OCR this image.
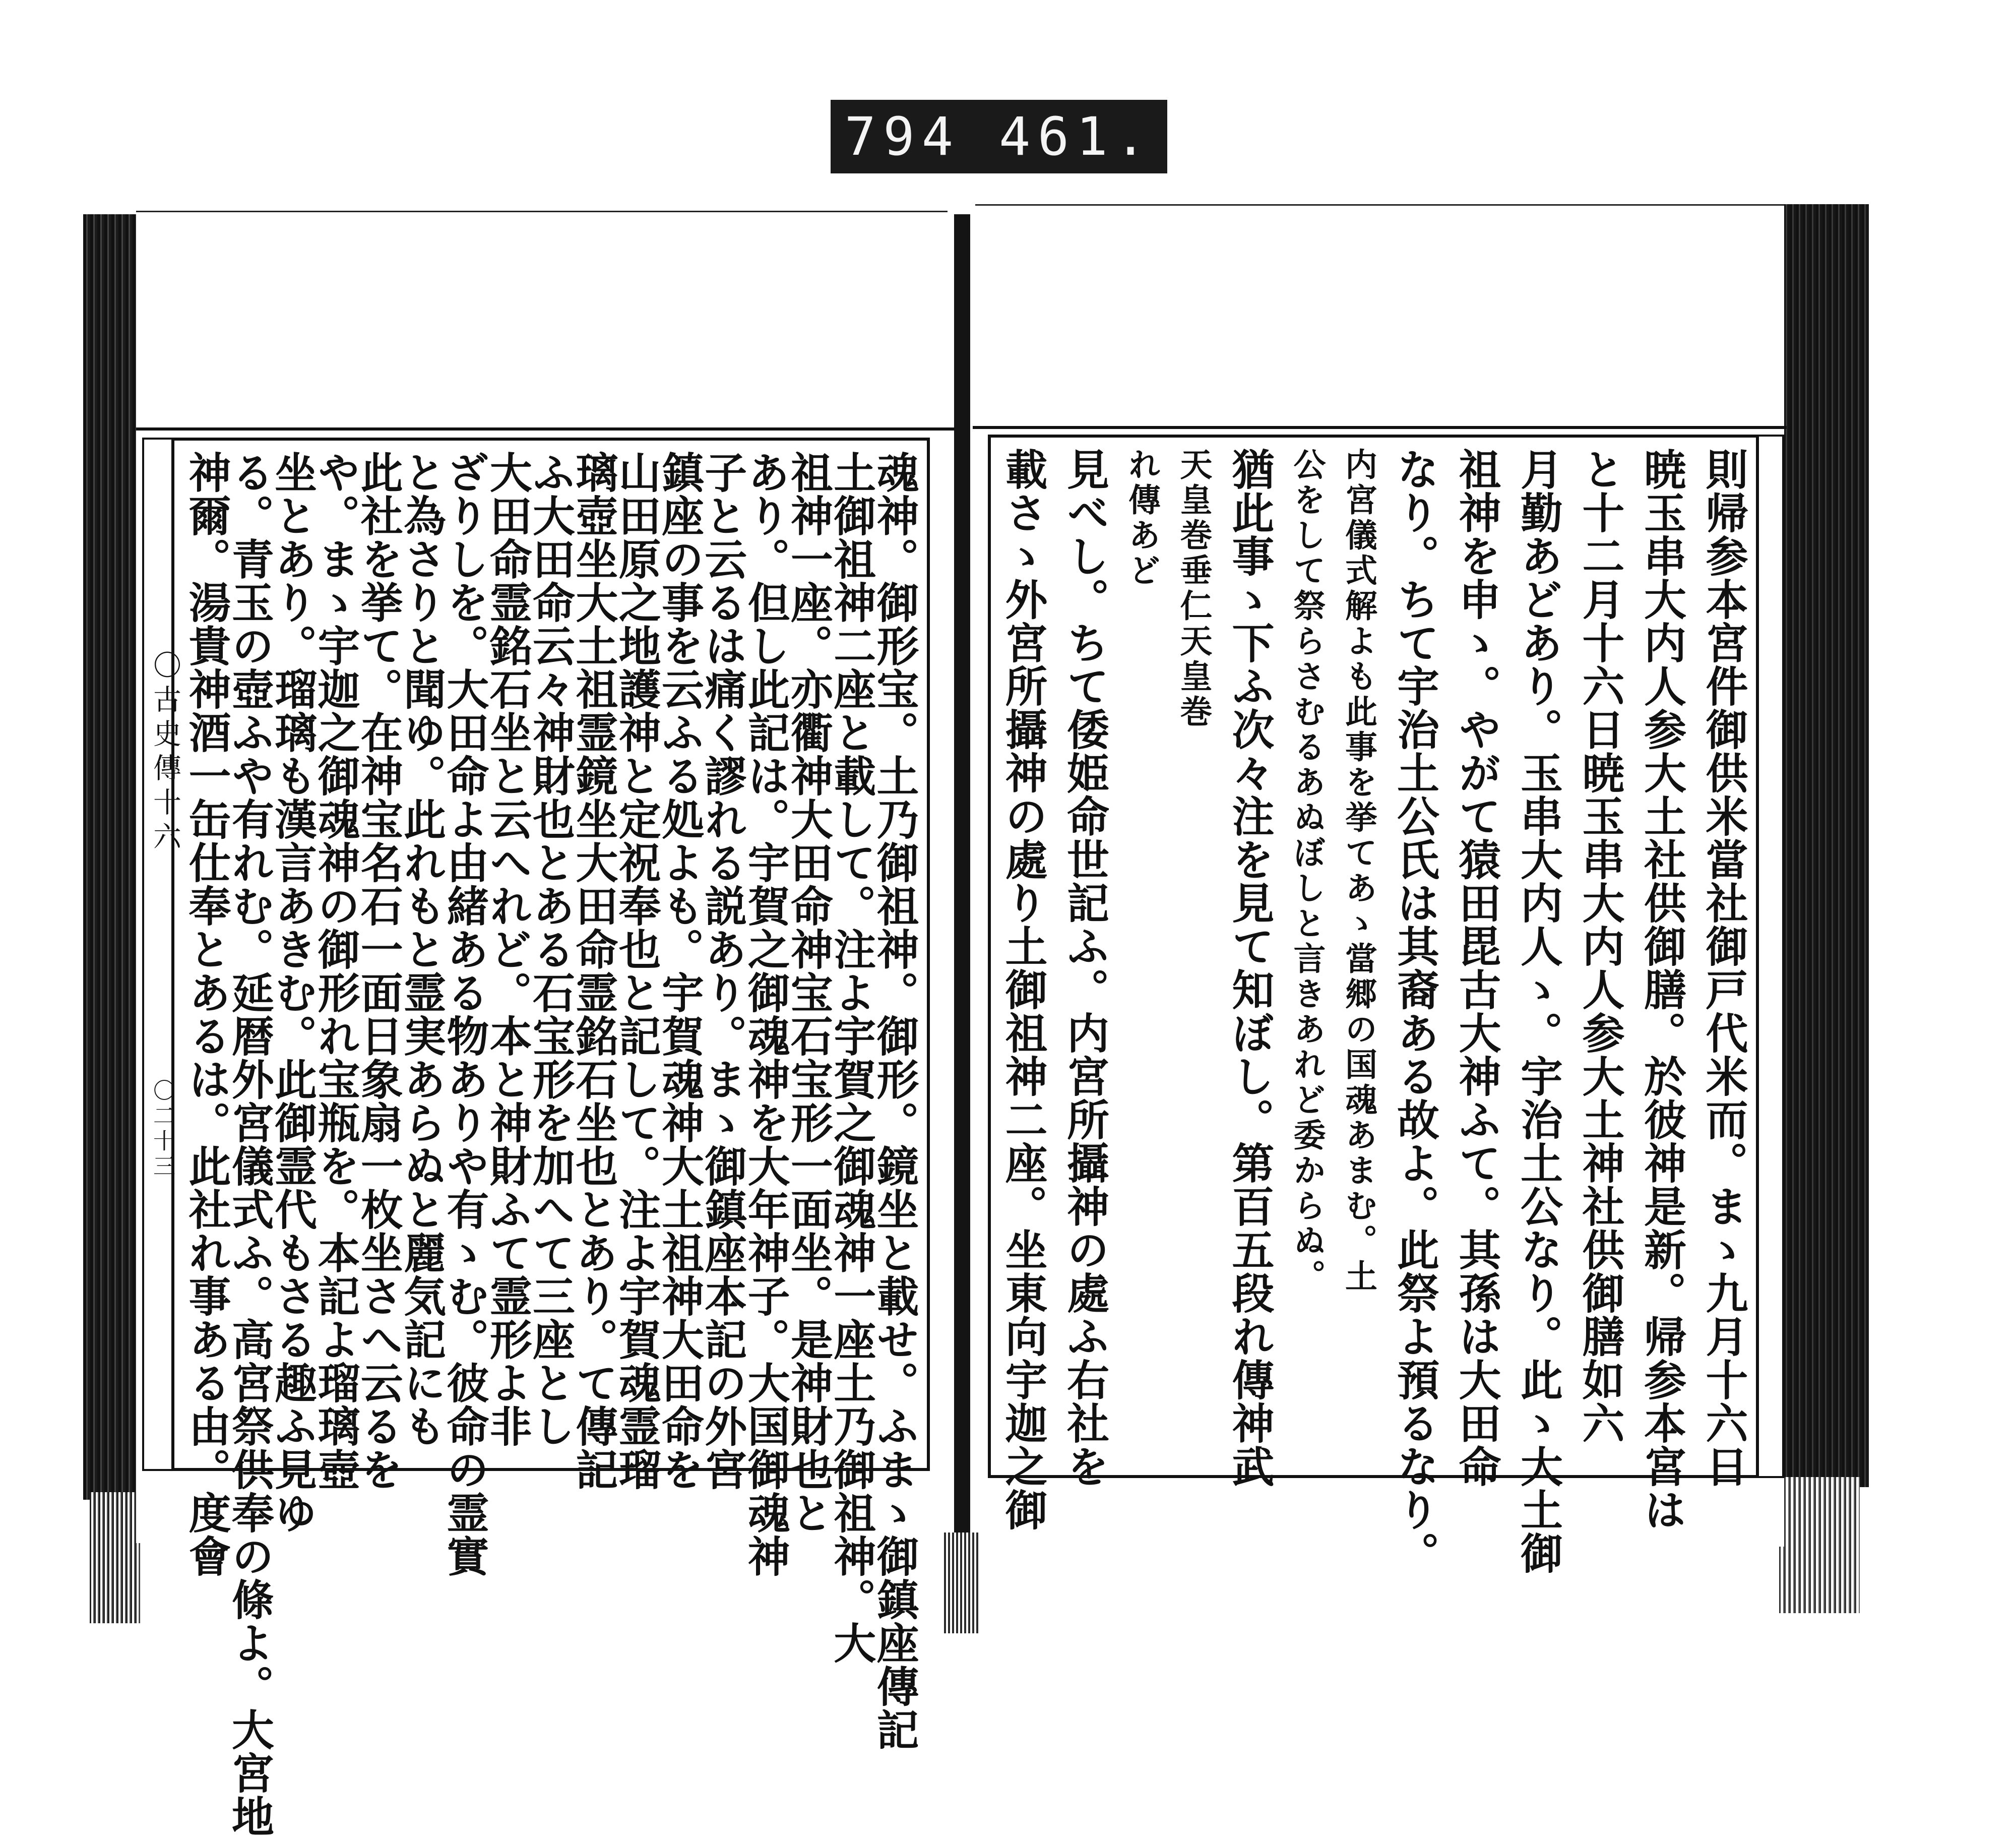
794 461.
〇古史傳十六
〇二十三	魂神。御形宝。土乃御祖神。御形。鏡坐と載せ。ふまゝ御鎮座傳記
土御祖神二座と載して。注よ宇賀之御魂神一座土乃御祖神。大
祖神一座。亦衢神大田命神宝石宝形一面坐。是神財也と
あり。但し此記は。宇賀之御魂神を大年神子。大国御魂神
子と云るは痛く謬れる説あり。まゝ御鎮座本記の外宮
鎮座の事を云ふる処よも。宇賀魂神大土祖神大田命を
山田原之地護神と定祝奉也と記して。注よ宇賀魂霊瑠
璃壺坐大土祖霊鏡坐大田命霊銘石坐也とあり。て傳記
ふ大田命云々神財也とある石宝形を加へて三座とし
大田命霊銘石坐と云へれど。本と神財ふて霊形よ非
ざりしを。大田命よ由緒ある物ありや有ゝむ。彼命の霊實
と為さりと聞ゆ。此れもと霊実あらぬと麗気記にも
此社を挙て。在神宝名石一面日象扇一枚坐さへ云るを
や。まゝ宇迦之御魂神の御形れ宝瓶を。本記よ瑠璃壺
坐とあり。瑠璃も漢言あきむ。此御霊代もさる趣ふ見ゆ
る。青玉の壺ふや有れむ。延暦外宮儀式ふ。高宮祭供奉の條よ。大宮地
神爾。湯貴神酒一缶仕奉とあるは。此社れ事ある由。度會	則帰参本宮件御供米當社御戸代米而。まゝ九月十六日
暁玉串大内人参大土社供御膳。於彼神是新。帰参本宮は
と十二月十六日暁玉串大内人参大土神社供御膳如六
月勤あどあり。玉串大内人ゝ。宇治土公なり。此ゝ大土御
祖神を申ゝ。やがて猿田毘古大神ふて。其孫は大田命
なり。ちて宇治土公氏は其裔ある故よ。此祭よ預るなり。
内宮儀式解よも此事を挙てあゝ當郷の国魂あまむ。土
公をして祭らさむるあぬぼしと言きあれど委からぬ。
猶此事ゝ下ふ次々注を見て知ぼし。第百五段れ傳神武
天皇巻垂仁天皇巻
れ傳あど
見べし。ちて倭姫命世記ふ。内宮所攝神の處ふ右社を
載さゝ外宮所攝神の處り土御祖神二座。坐東向宇迦之御
